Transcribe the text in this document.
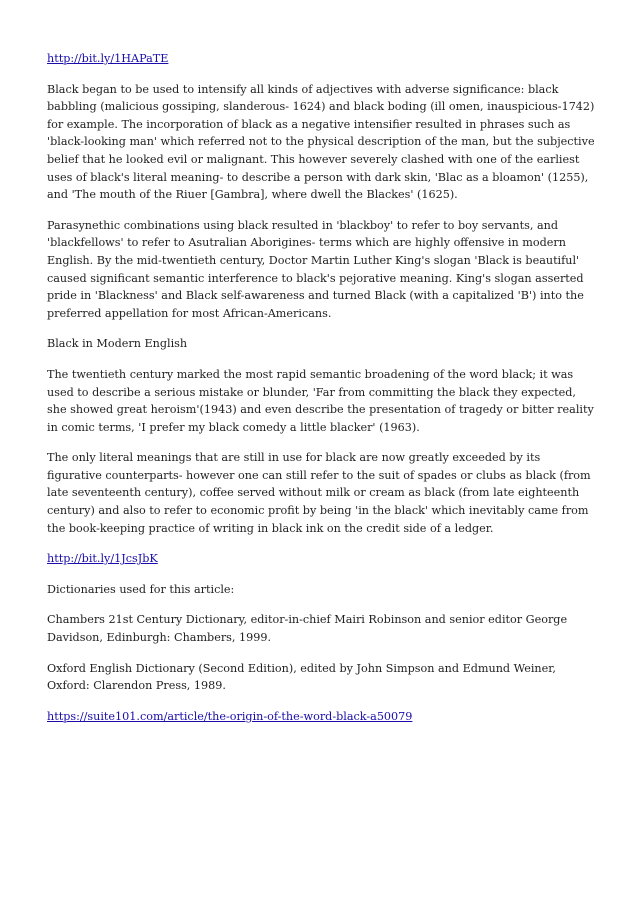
http://bit.ly/1HAPaTE

Black began to be used to intensify all kinds of adjectives with adverse significance: black babbling (malicious gossiping, slanderous- 1624) and black boding (ill omen, inauspicious-1742) for example. The incorporation of black as a negative intensifier resulted in phrases such as 'black-looking man' which referred not to the physical description of the man, but the subjective belief that he looked evil or malignant. This however severely clashed with one of the earliest uses of black's literal meaning- to describe a person with dark skin, 'Blac as a bloamon' (1255), and 'The mouth of the Riuer [Gambra], where dwell the Blackes' (1625).

Parasynethic combinations using black resulted in 'blackboy' to refer to boy servants, and 'blackfellows' to refer to Asutralian Aborigines- terms which are highly offensive in modern English. By the mid-twentieth century, Doctor Martin Luther King's slogan 'Black is beautiful' caused significant semantic interference to black's pejorative meaning. King's slogan asserted pride in 'Blackness' and Black self-awareness and turned Black (with a capitalized 'B') into the preferred appellation for most African-Americans.

Black in Modern English

The twentieth century marked the most rapid semantic broadening of the word black; it was used to describe a serious mistake or blunder, 'Far from committing the black they expected, she showed great heroism'(1943) and even describe the presentation of tragedy or bitter reality in comic terms, 'I prefer my black comedy a little blacker' (1963).

The only literal meanings that are still in use for black are now greatly exceeded by its figurative counterparts- however one can still refer to the suit of spades or clubs as black (from late seventeenth century), coffee served without milk or cream as black (from late eighteenth century) and also to refer to economic profit by being 'in the black' which inevitably came from the book-keeping practice of writing in black ink on the credit side of a ledger.

http://bit.ly/1JcsJbK

Dictionaries used for this article:

Chambers 21st Century Dictionary, editor-in-chief Mairi Robinson and senior editor George Davidson, Edinburgh: Chambers, 1999.

Oxford English Dictionary (Second Edition), edited by John Simpson and Edmund Weiner, Oxford: Clarendon Press, 1989.

https://suite101.com/article/the-origin-of-the-word-black-a50079
